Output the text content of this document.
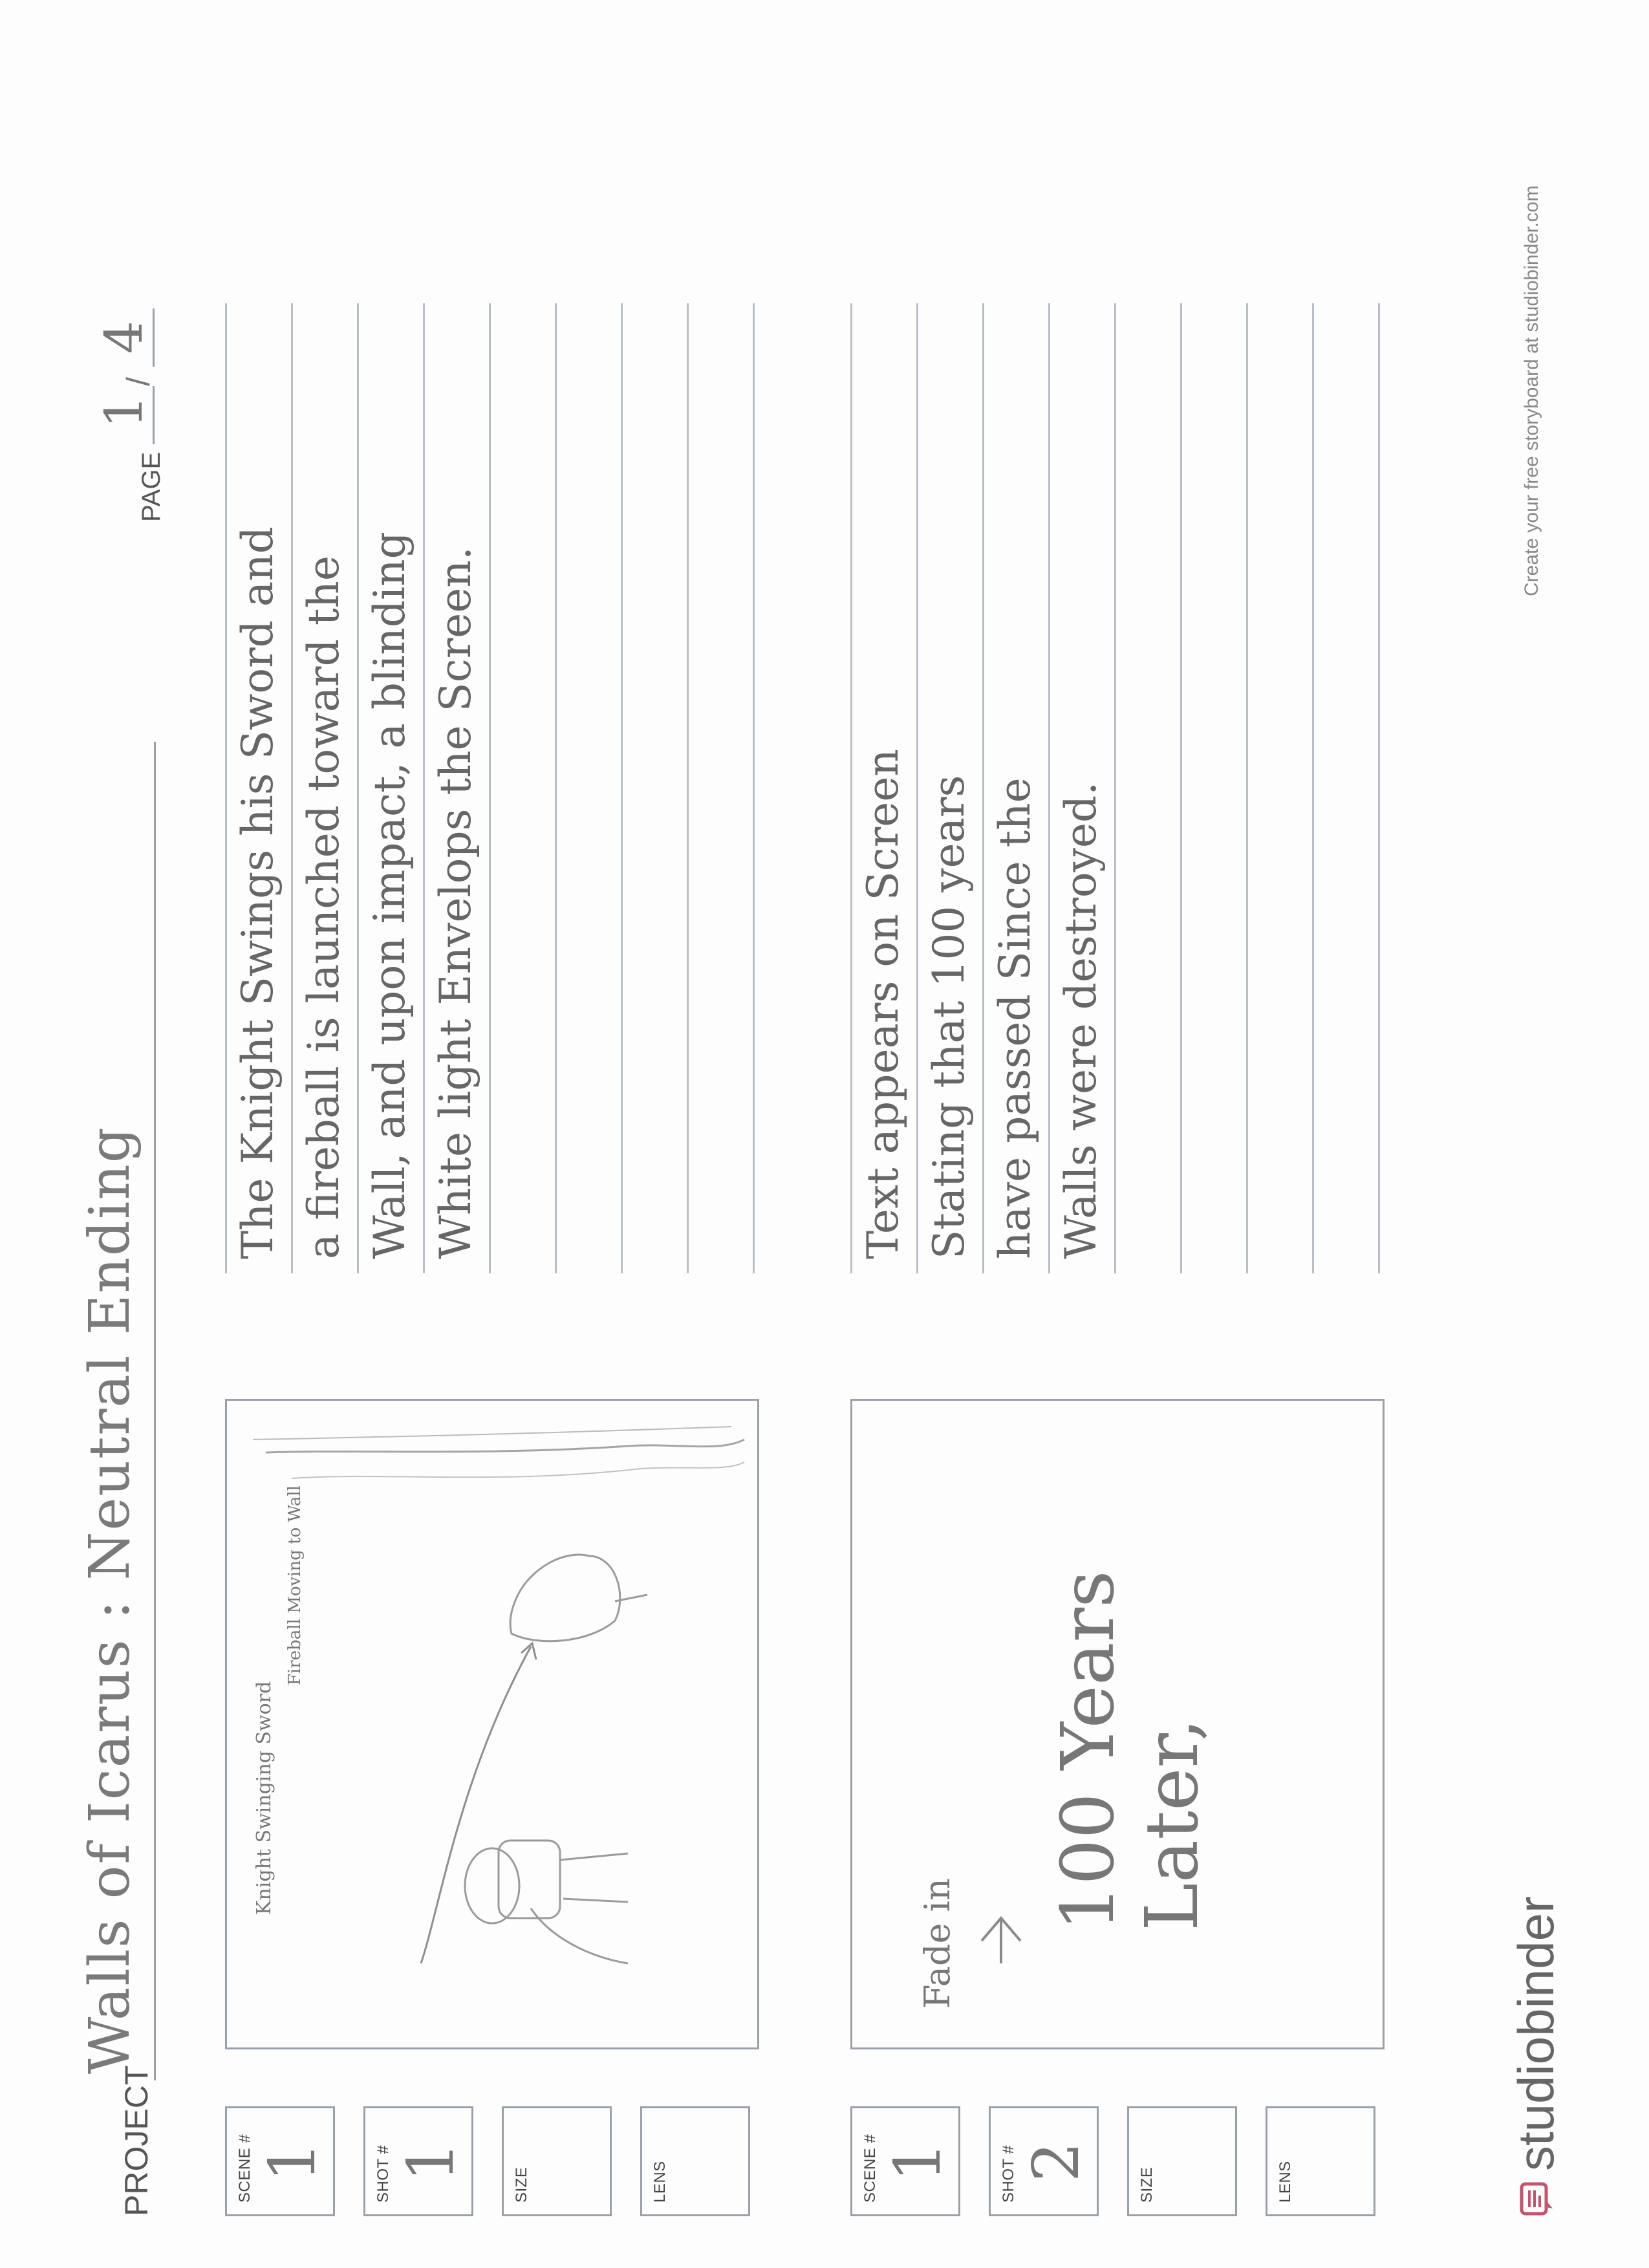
PROJECT
Walls of Icarus : Neutral Ending
PAGE
1
/
4
SCENE # 1	SHOT # 1
SIZE	LENS
Knight Swinging Sword
Fireball Moving to Wall
The Knight Swings his Sword and a fireball is launched toward the Wall, and upon impact, a blinding White light Envelops the Screen.
SCENE # 1	SHOT # 2
SIZE	LENS
Fade in
100 Years Later,
Text appears on Screen Stating that 100 years have passed Since the Walls were destroyed.
studiobinder
Create your free storyboard at studiobinder.com
